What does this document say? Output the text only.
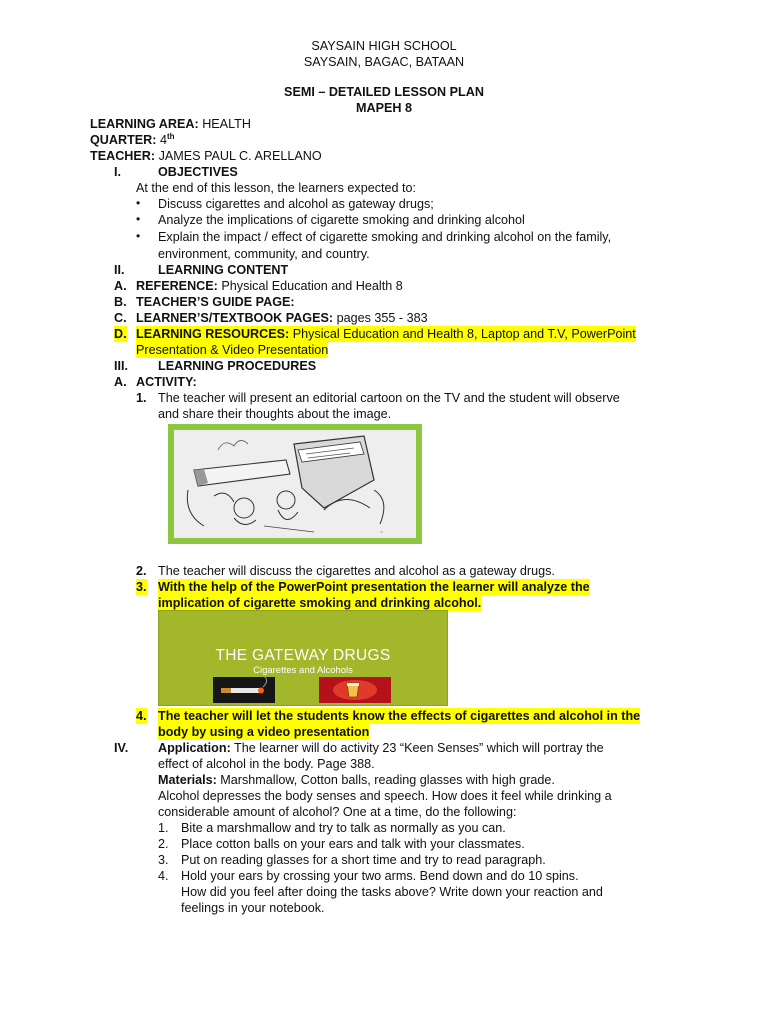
SAYSAIN HIGH SCHOOL
SAYSAIN, BAGAC, BATAAN
SEMI – DETAILED LESSON PLAN
MAPEH 8
LEARNING AREA: HEALTH
QUARTER: 4th
TEACHER: JAMES PAUL C. ARELLANO
I.	OBJECTIVES
At the end of this lesson, the learners expected to:
• Discuss cigarettes and alcohol as gateway drugs;
• Analyze the implications of cigarette smoking and drinking alcohol
• Explain the impact / effect of cigarette smoking and drinking alcohol on the family,
environment, community, and country.
II.	LEARNING CONTENT
A. REFERENCE: Physical Education and Health 8
B. TEACHER’S GUIDE PAGE:
C. LEARNER’S/TEXTBOOK PAGES: pages 355 - 383
D. LEARNING RESOURCES: Physical Education and Health 8, Laptop and T.V, PowerPoint
Presentation & Video Presentation
III. LEARNING PROCEDURES
A. ACTIVITY:
1. The teacher will present an editorial cartoon on the TV and the student will observe
and share their thoughts about the image.
~
2. The teacher will discuss the cigarettes and alcohol as a gateway drugs.
3. With the help of the PowerPoint presentation the learner will analyze the
implication of cigarette smoking and drinking alcohol.
THE GATEWAY DRUGS
Cigarettes and Alcohols
4. The teacher will let the students know the effects of cigarettes and alcohol in the
body by using a video presentation
IV. Application: The learner will do activity 23 “Keen Senses” which will portray the
effect of alcohol in the body. Page 388.
Materials: Marshmallow, Cotton balls, reading glasses with high grade.
Alcohol depresses the body senses and speech. How does it feel while drinking a
considerable amount of alcohol? One at a time, do the following:
1. Bite a marshmallow and try to talk as normally as you can.
2. Place cotton balls on your ears and talk with your classmates.
3. Put on reading glasses for a short time and try to read paragraph.
4. Hold your ears by crossing your two arms. Bend down and do 10 spins.
How did you feel after doing the tasks above? Write down your reaction and
feelings in your notebook.
